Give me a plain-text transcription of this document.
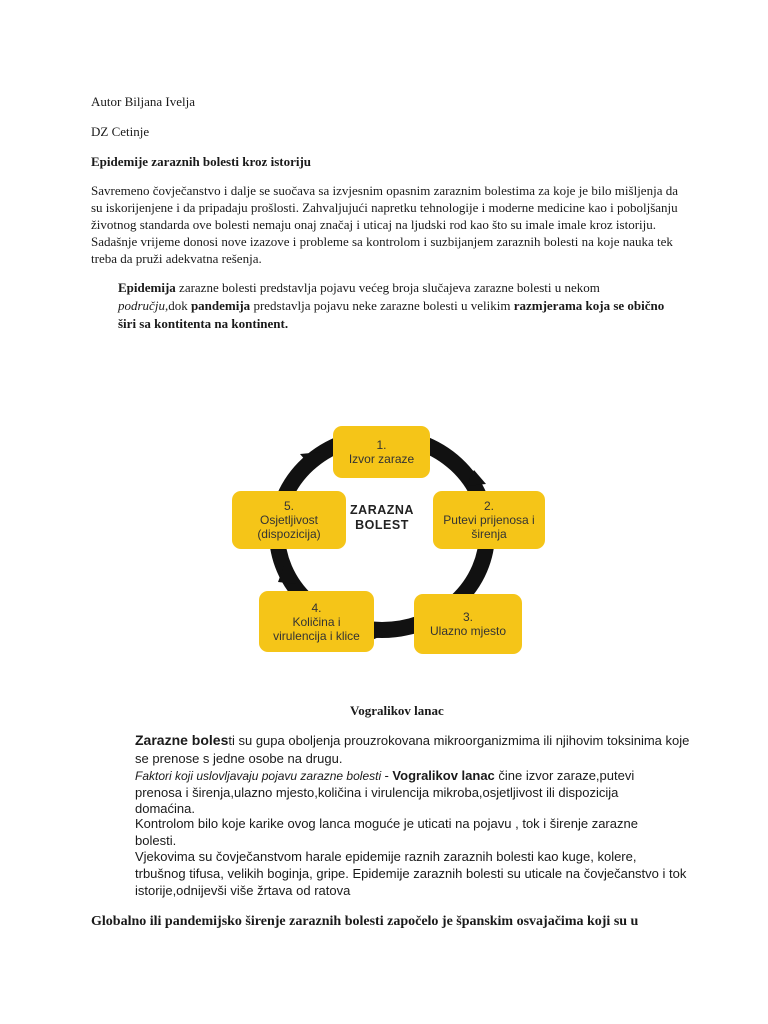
Autor Biljana Ivelja

DZ Cetinje

Epidemije zaraznih bolesti kroz istoriju

Savremeno čovječanstvo i dalje se suočava sa izvjesnim opasnim zaraznim bolestima za koje je bilo mišljenja da

su iskorijenjene i da pripadaju prošlosti. Zahvaljujući napretku tehnologije i moderne medicine kao i poboljšanju

životnog standarda ove bolesti nemaju onaj značaj i uticaj na ljudski rod kao što su imale imale kroz istoriju.

Sadašnje vrijeme donosi nove izazove i probleme sa kontrolom i suzbijanjem zaraznih bolesti na koje nauka tek

treba da pruži adekvatna rešenja.

Epidemija zarazne bolesti predstavlja pojavu većeg broja slučajeva zarazne bolesti u nekom

području,dok pandemija predstavlja pojavu neke zarazne bolesti u velikim razmjerama koja se obično

širi sa kontitenta na kontinent.

ZARAZNA
BOLEST
1.
Izvor zaraze
2.
Putevi prijenosa i
širenja
3.
Ulazno mjesto
4.
Količina i
virulencija i klice
5.
Osjetljivost
(dispozicija)

Vogralikov lanac

Zarazne bolesti su gupa oboljenja prouzrokovana mikroorganizmima ili njihovim toksinima koje

se prenose s jedne osobe na drugu.

Faktori koji uslovljavaju pojavu zarazne bolesti - Vogralikov lanac čine izvor zaraze,putevi

prenosa i širenja,ulazno mjesto,količina i virulencija mikroba,osjetljivost ili dispozicija

domaćina.

Kontrolom bilo koje karike ovog lanca moguće je uticati na pojavu , tok i širenje zarazne

bolesti.

Vjekovima su čovječanstvom harale epidemije raznih zaraznih bolesti kao kuge, kolere,

trbušnog tifusa, velikih boginja, gripe. Epidemije zaraznih bolesti su uticale na čovječanstvo i tok

istorije,odnijevši više žrtava od ratova

Globalno ili pandemijsko širenje zaraznih bolesti započelo je španskim osvajačima koji su u
